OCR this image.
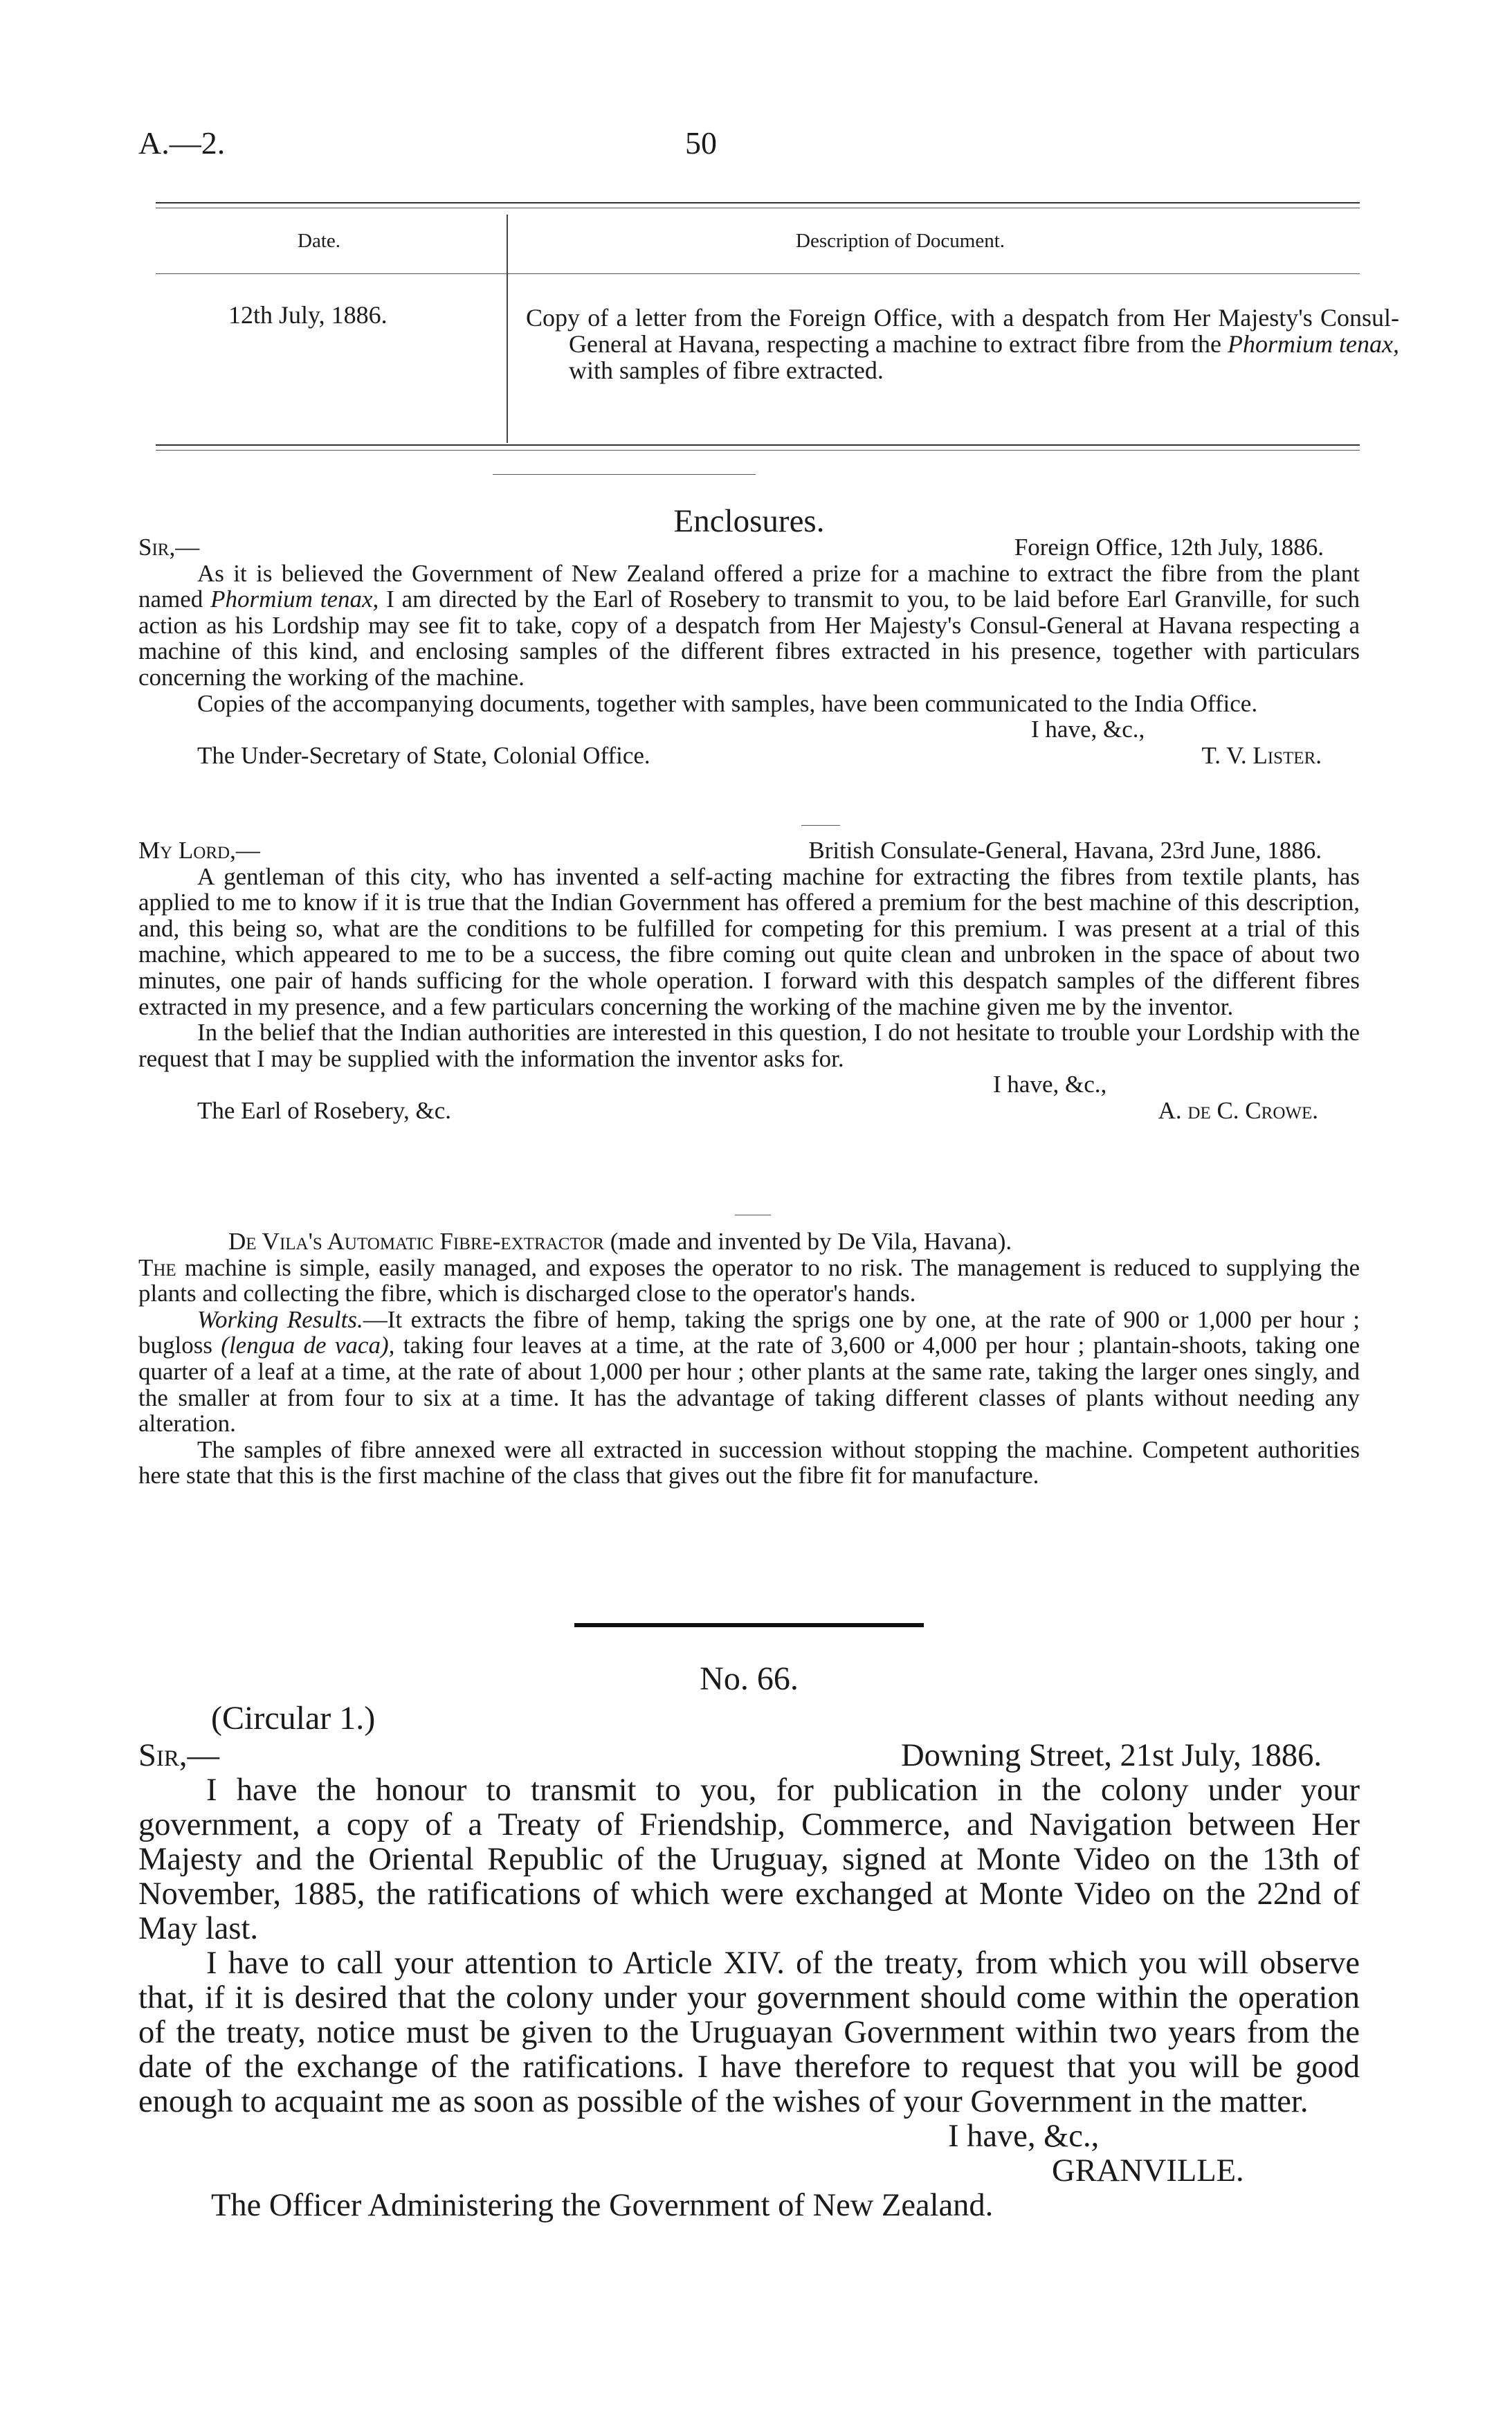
A.—2.	50
Date.	Description of Document.
12th July, 1886.	Copy of a letter from the Foreign Office, with a despatch from Her Majesty's Consul-General at Havana, respecting a machine to extract fibre from the Phormium tenax, with samples of fibre extracted.
Enclosures.
Sir,—	Foreign Office, 12th July, 1886.

As it is believed the Government of New Zealand offered a prize for a machine to extract the fibre from the plant named Phormium tenax, I am directed by the Earl of Rosebery to transmit to you, to be laid before Earl Granville, for such action as his Lordship may see fit to take, copy of a despatch from Her Majesty's Consul-General at Havana respecting a machine of this kind, and enclosing samples of the different fibres extracted in his presence, together with particulars concerning the working of the machine.

Copies of the accompanying documents, together with samples, have been communicated to the India Office.

I have, &c.,
The Under-Secretary of State, Colonial Office.	T. V. Lister.
My Lord,—	British Consulate-General, Havana, 23rd June, 1886.

A gentleman of this city, who has invented a self-acting machine for extracting the fibres from textile plants, has applied to me to know if it is true that the Indian Government has offered a premium for the best machine of this description, and, this being so, what are the conditions to be fulfilled for competing for this premium. I was present at a trial of this machine, which appeared to me to be a success, the fibre coming out quite clean and unbroken in the space of about two minutes, one pair of hands sufficing for the whole operation. I forward with this despatch samples of the different fibres extracted in my presence, and a few particulars concerning the working of the machine given me by the inventor.

In the belief that the Indian authorities are interested in this question, I do not hesitate to trouble your Lordship with the request that I may be supplied with the information the inventor asks for.

I have, &c.,
The Earl of Rosebery, &c.	A. de C. Crowe.
De Vila's Automatic Fibre-extractor (made and invented by De Vila, Havana).

The machine is simple, easily managed, and exposes the operator to no risk. The management is reduced to supplying the plants and collecting the fibre, which is discharged close to the operator's hands.

Working Results.—It extracts the fibre of hemp, taking the sprigs one by one, at the rate of 900 or 1,000 per hour ; bugloss (lengua de vaca), taking four leaves at a time, at the rate of 3,600 or 4,000 per hour ; plantain-shoots, taking one quarter of a leaf at a time, at the rate of about 1,000 per hour ; other plants at the same rate, taking the larger ones singly, and the smaller at from four to six at a time. It has the advantage of taking different classes of plants without needing any alteration.

The samples of fibre annexed were all extracted in succession without stopping the machine. Competent authorities here state that this is the first machine of the class that gives out the fibre fit for manufacture.

No. 66.
(Circular 1.)
Sir,—	Downing Street, 21st July, 1886.

I have the honour to transmit to you, for publication in the colony under your government, a copy of a Treaty of Friendship, Commerce, and Navigation between Her Majesty and the Oriental Republic of the Uruguay, signed at Monte Video on the 13th of November, 1885, the ratifications of which were exchanged at Monte Video on the 22nd of May last.

I have to call your attention to Article XIV. of the treaty, from which you will observe that, if it is desired that the colony under your government should come within the operation of the treaty, notice must be given to the Uruguayan Government within two years from the date of the exchange of the ratifications. I have therefore to request that you will be good enough to acquaint me as soon as possible of the wishes of your Government in the matter.

I have, &c.,
GRANVILLE.
The Officer Administering the Government of New Zealand.
